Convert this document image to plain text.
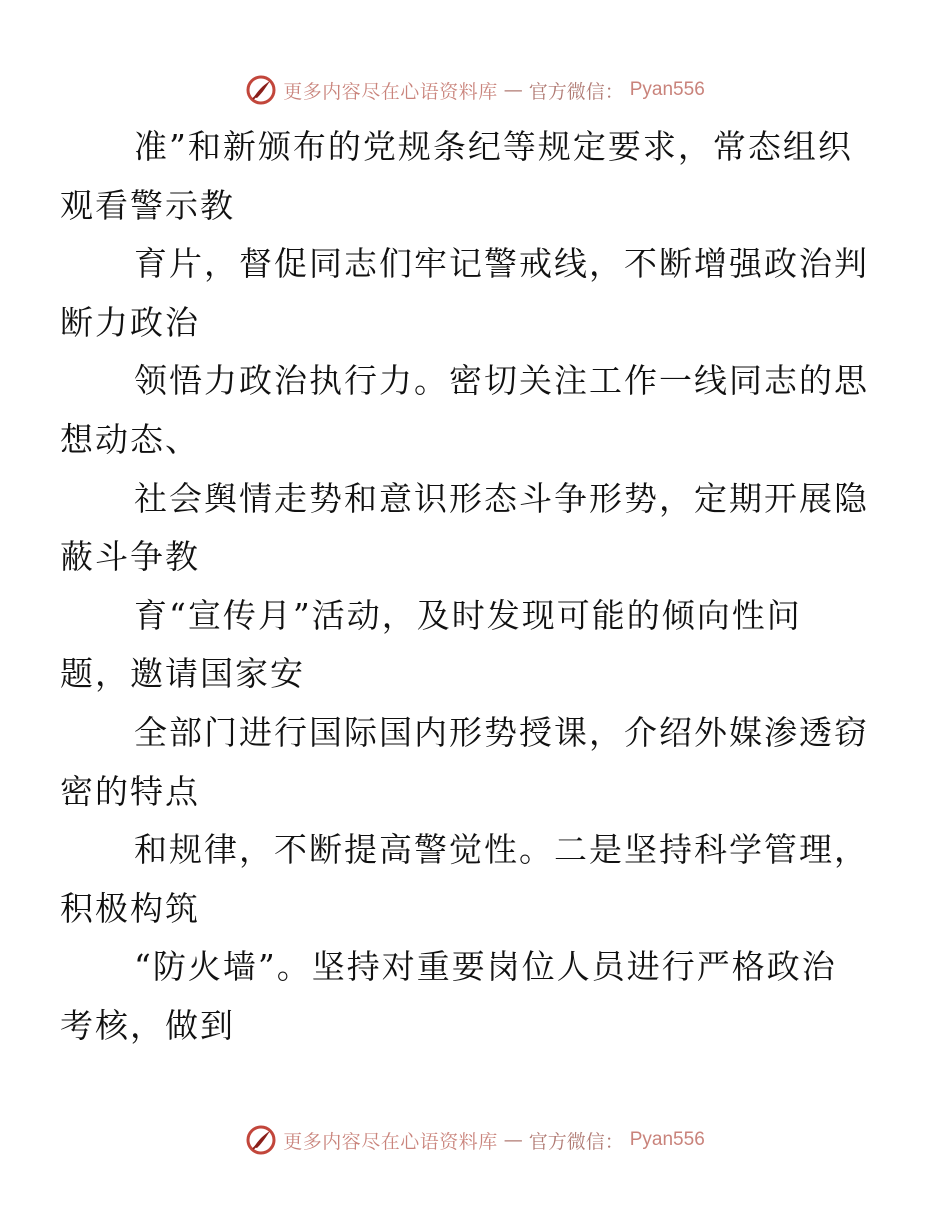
更多内容尽在心语资料库 — 官方微信： Pyan556

准”和新颁布的党规条纪等规定要求，常态组织
观看警示教

育片，督促同志们牢记警戒线，不断增强政治判
断力政治

领悟力政治执行力。密切关注工作一线同志的思
想动态、

社会舆情走势和意识形态斗争形势，定期开展隐
蔽斗争教

育“宣传月”活动，及时发现可能的倾向性问
题，邀请国家安

全部门进行国际国内形势授课，介绍外媒渗透窃
密的特点

和规律，不断提高警觉性。二是坚持科学管理，
积极构筑

“防火墙”。坚持对重要岗位人员进行严格政治
考核，做到

更多内容尽在心语资料库 — 官方微信： Pyan556
